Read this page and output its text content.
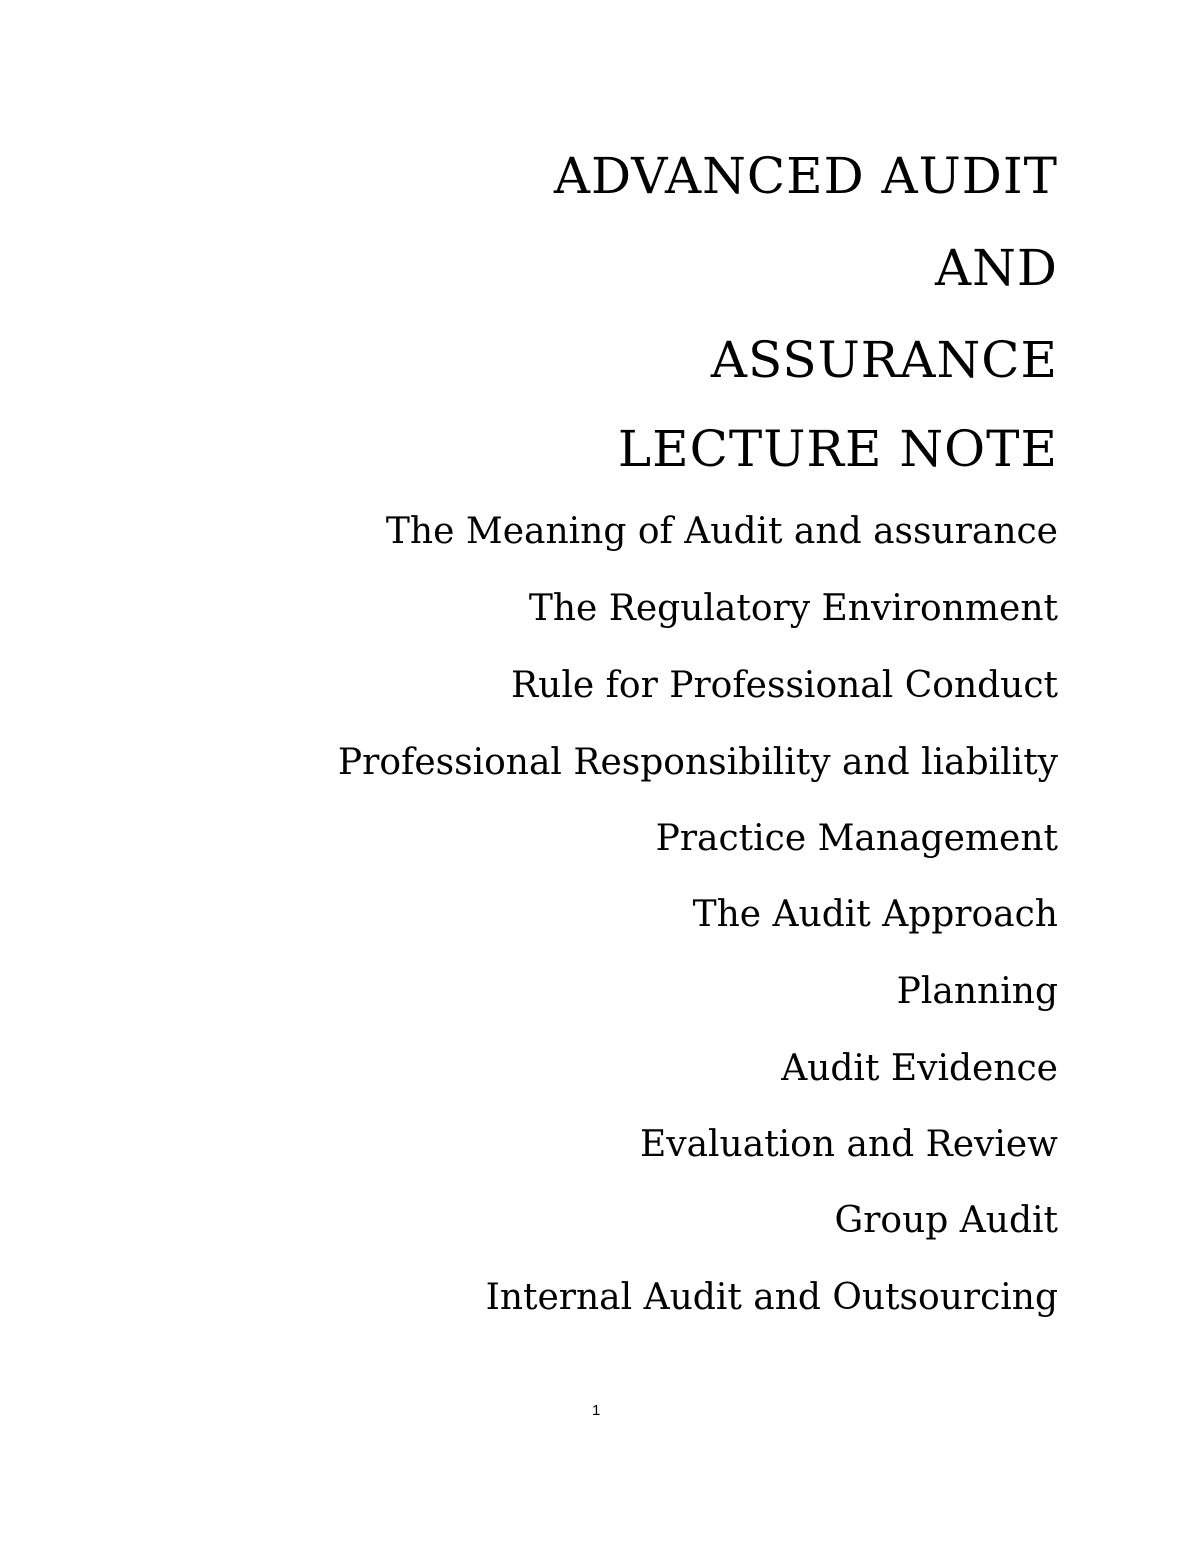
ADVANCED AUDIT
AND
ASSURANCE
LECTURE NOTE

The Meaning of Audit and assurance

The Regulatory Environment

Rule for Professional Conduct

Professional Responsibility and liability

Practice Management

The Audit Approach

Planning

Audit Evidence

Evaluation and Review

Group Audit

Internal Audit and Outsourcing

1
